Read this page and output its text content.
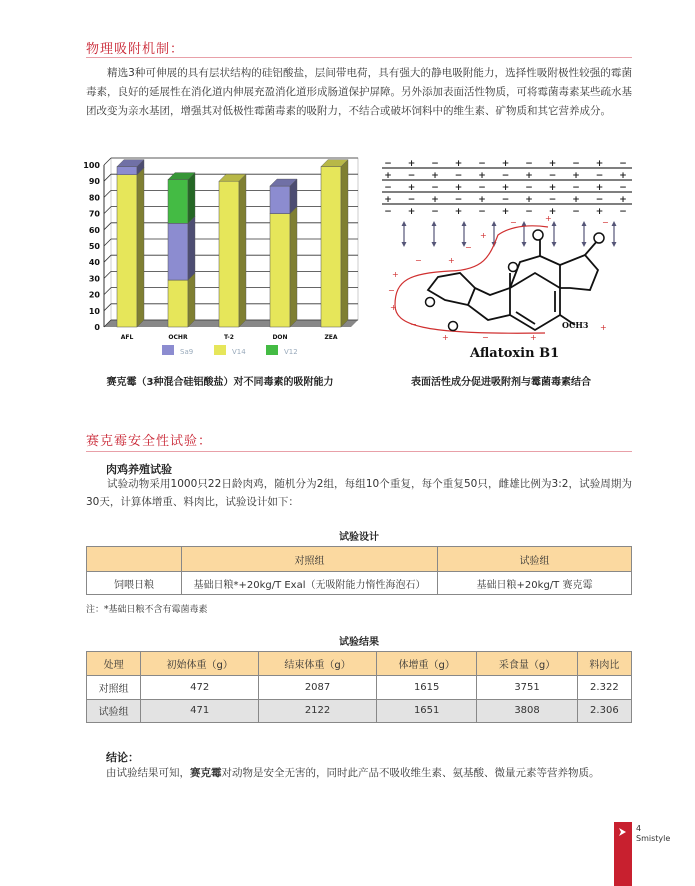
物理吸附机制：
精选3种可伸展的具有层状结构的硅铝酸盐，层间带电荷，具有强大的静电吸附能力，选择性吸附极性较强的霉菌毒素，良好的延展性在消化道内伸展充盈消化道形成肠道保护屏障。另外添加表面活性物质，可将霉菌毒素某些疏水基团改变为亲水基团，增强其对低极性霉菌毒素的吸附力，不结合或破坏饲料中的维生素、矿物质和其它营养成分。
0
10
20
30
40
50
60
70
80
90
100
AFL	OCHR	T-2	DON	ZEA
Sa9	V14	V12
赛克霉（3种混合硅铝酸盐）对不同毒素的吸附能力
− + − + − + − + − + −
+ − + − + − + − + − +
− + − + − + − + − + −
+ − + − + − + − + − +
− + − + − + − + − + −
+
−
−	+
+
−
+
−
+	−	+
+
−	+	−
OCH3
Aflatoxin B1
表面活性成分促进吸附剂与霉菌毒素结合
赛克霉安全性试验：
肉鸡养殖试验
试验动物采用1000只22日龄肉鸡，随机分为2组，每组10个重复，每个重复50只，雌雄比例为3:2，试验周期为30天，计算体增重、料肉比，试验设计如下：
试验设计
	对照组	试验组
饲喂日粮	基础日粮*+20kg/T Exal（无吸附能力惰性海泡石）	基础日粮+20kg/T 赛克霉
注：*基础日粮不含有霉菌毒素
试验结果
处理	初始体重（g）	结束体重（g）	体增重（g）	采食量（g）	料肉比
对照组	472	2087	1615	3751	2.322
试验组	471	2122	1651	3808	2.306
结论：
由试验结果可知，赛克霉对动物是安全无害的，同时此产品不吸收维生素、氨基酸、微量元素等营养物质。
4
Smistyle
